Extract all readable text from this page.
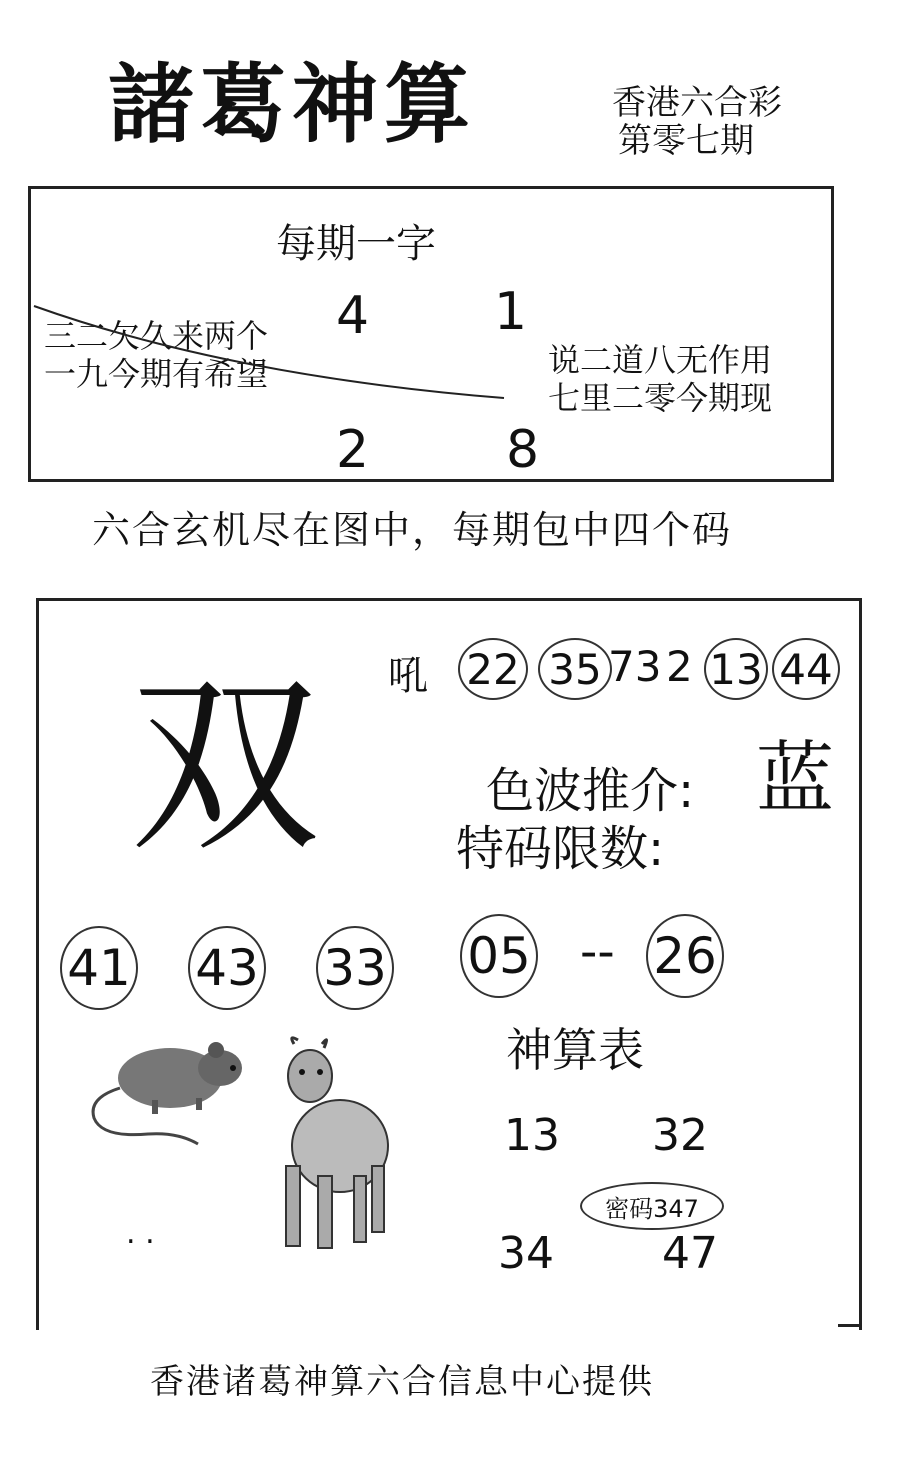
諸葛神算	香港六合彩
第零七期
每期一字
4 1
三二欠久来两个
一九今期有希望	说二道八无作用
七里二零今期现
2	8
六合玄机尽在图中，每期包中四个码
吼 22 35 73 2 13 44
双	色波推介: 蓝
特码限数:
41 43 33 05 -- 26
神算表
13 32
密码347
34 47
. .
香港诸葛神算六合信息中心提供
